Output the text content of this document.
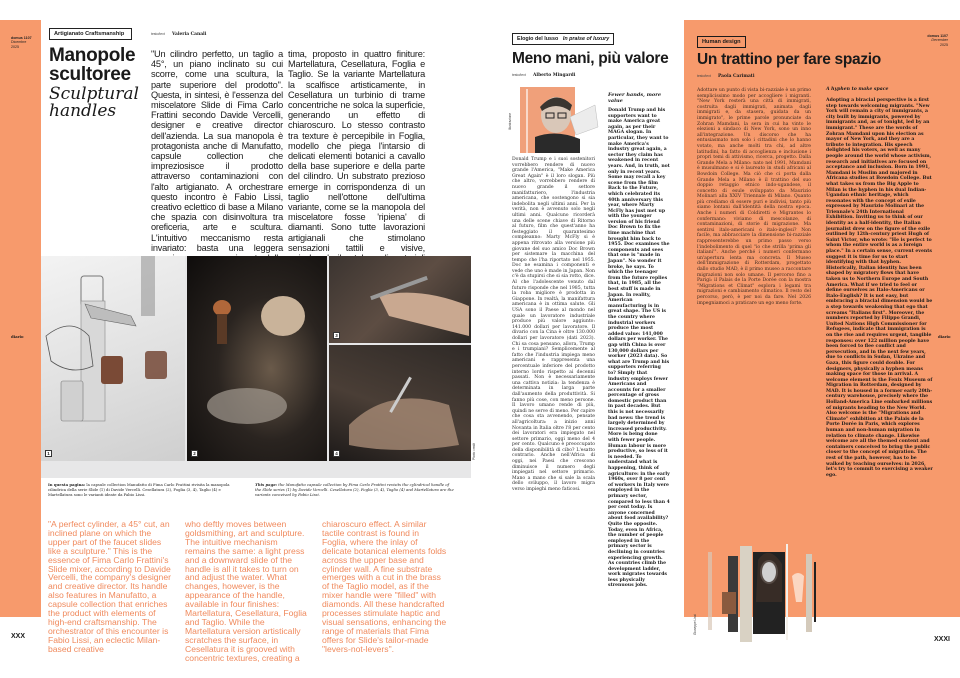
domus 1107
Dicembre
2025
diario
XXX
Artigianato Craftsmanship
Manopole scultoree
Sculptural handles
testo/text Valeria Canali
"Un cilindro perfetto, un taglio a 45°, un piano inclinato su cui scorre, come una scultura, la parte superiore del prodotto". Questa, in sintesi, è l'essenza del miscelatore Slide di Fima Carlo Frattini secondo Davide Vercelli, designer e creative director dell'azienda. La sua manopola è protagonista anche di Manufatto, capsule collection che impreziosisce il prodotto attraverso contaminazioni con l'alto artigianato. A orchestrare questo incontro è Fabio Lissi, creativo eclettico di base a Milano che spazia con disinvoltura tra oreficeria, arte e scultura. L'intuitivo meccanismo resta invariato: basta una leggera
tima, proposto in quattro finiture: Martellatura, Cesellatura, Foglia e Taglio. Se la variante Martellatura la scalfisce artisticamente, in Cesellatura un turbinio di trame concentriche ne solca la superficie, generando un effetto di chiaroscuro. Lo stesso contrasto tra texture è percepibile in Foglia, modello che piega l'intarsio di delicati elementi botanici a cavallo della base superiore e della parte del cilindro. Un substrato prezioso emerge in corrispondenza di un taglio nell'ottone dell'ultima variante, come se la manopola del miscelatore fosse 'ripiena' di diamanti. Sono tutte lavorazioni artigianali che stimolano sensazioni tattili e visive,
1	2
3
4	Photo credit
In questa pagina: la capsule collection Manufatto di Fima Carlo Frattini rivisita la manopola cilindrica della serie Slide (1) di Davide Vercelli. Cesellatura (2), Foglia (3, 4), Taglio (4) e Martellatura sono le varianti ideate da Fabio Lissi.
This page: the Manufatto capsule collection by Fima Carlo Frattini revisits the cylindrical handle of the Slide series (1) by Davide Vercelli. Cesellatura (2), Foglia (3, 4), Taglio (4) and Martellatura are the variants conceived by Fabio Lissi.
"A perfect cylinder, a 45° cut, an inclined plane on which the upper part of the faucet slides like a sculpture." This is the essence of Fima Carlo Frattini's Slide mixer, according to Davide Vercelli, the company's designer and creative director. Its handle also features in Manufatto, a capsule collection that enriches the product with elements of high-end craftsmanship. The orchestrator of this encounter is Fabio Lissi, an eclectic Milan-based creative
who deftly moves between goldsmithing, art and sculpture. The intuitive mechanism remains the same: a light press and a downward slide of the handle is all it takes to turn on and adjust the water. What changes, however, is the appearance of the handle, available in four finishes: Martellatura, Cesellatura, Foglia and Taglio. While the Martellatura version artistically scratches the surface, in Cesellatura it is grooved with concentric textures, creating a
chiaroscuro effect. A similar tactile contrast is found in Foglia, where the inlay of delicate botanical elements folds across the upper base and cylinder wall. A fine substrate emerges with a cut in the brass of the Taglio model, as if the mixer handle were "filled" with diamonds. All these handcrafted processes stimulate haptic and visual sensations, enhancing the range of materials that Fima offers for Slide's tailor-made "levers-not-levers".
Elogio del lusso In praise of luxury
Meno mani, più valore
testo/text Alberto Mingardi
Illustrazione
Donald Trump e i suoi sostenitori vorrebbero rendere di nuovo grande l'America, "Make America Great Again" è il loro slogan. Più che altro, vorrebbero rendere di nuovo grande il settore manifatturiero, l'industria americana, che sostengono si sia indebolita negli ultimi anni. Per la verità, non è avvenuto solo negli ultimi anni. Qualcuno ricorderà una delle scene chiave di Ritorno al futuro, film che quest'anno ha festeggiato il quarantesimo compleanno: Marty McFly si è appena ritrovato alla versione più giovane del suo amico Doc Brown per sistemare la macchina del tempo che l'ha riportato nel 1955. Doc ne esamina i componenti e vede che uno è made in Japan. Non c'è da stupirsi che si sia rotto, dice. Al che l'adolescente venuto dal futuro risponde che nel 1985, tutta la roba migliore è prodotta in Giappone. In realtà, la manifattura americana è in ottima salute. Gli USA sono il Paese al mondo nel quale un lavoratore industriale produce più valore aggiunto: 141.000 dollari per lavoratore. Il divario con la Cina è oltre 130.000 dollari per lavoratore (dati 2023). Chi sa cosa pensano, allora, Trump e i trumpiani? Semplicemente al fatto che l'industria impiega meno americani e rappresenta una percentuale inferiore del prodotto interno lordo rispetto ai decenni passati. Non è necessariamente una cattiva notizia: la tendenza è determinata in larga parte dall'aumento della produttività. Si fanno più cose, con meno persone. Il lavoro umano rende di più, quindi ne serve di meno. Per capire che cosa sta avvenendo, pensate all'agricoltura: a inizio anni Novanta in Italia oltre l'8 per cento dei lavoratori era impiegato nel settore primario, oggi meno del 4 per cento. Qualcuno è preoccupato della disponibilità di cibo? L'esatto contrario. Anche nell'Africa di oggi, nei Paesi che crescono diminuisce il numero degli impiegati nel settore primario. Mano a mano che si sale la scala dello sviluppo, il lavoro migra verso impieghi meno faticosi.
Fewer hands, more value
Donald Trump and his supporters want to make America great again, as per their MAGA slogan. In particular, they want to make America's industry great again, a sector they claim has weakened in recent years. And, in truth, not only in recent years. Some may recall a key scene from the film Back to the Future, which celebrated its 40th anniversary this year, where Marty McFly has just met up with the younger version of his friend Doc Brown to fix the time machine that brought him back to 1955. Doc examines the components and sees that one is "made in Japan". No wonder it broke, he says. To which the teenager from the future replies that, in 1985, all the best stuff is made in Japan. In reality, American manufacturing is in great shape. The US is the country where industrial workers produce the most added value: 141,000 dollars per worker. The gap with China is over 130,000 dollars per worker (2023 data). So what are Trump and his supporters referring to? Simply that industry employs fewer Americans and accounts for a smaller percentage of gross domestic product than in past decades. But this is not necessarily bad news: the trend is largely determined by increased productivity. More is being done with fewer people. Human labour is more productive, so less of it is needed. To understand what is happening, think of agriculture: in the early 1960s, over 8 per cent of workers in Italy were employed in the primary sector, compared to less than 4 per cent today. Is anyone concerned about food availability? Quite the opposite. Today, even in Africa, the number of people employed in the primary sector is declining in countries experiencing growth. As countries climb the development ladder, work migrates towards less physically strenuous jobs.
Human design
domus 1107
December
2025
Un trattino per fare spazio
testo/text Paola Carimati
Adottare un punto di vista bi-razziale è un primo semplicissimo modo per accogliere i migranti. "New York resterà una città di immigrati, costruita dagli immigrati, animata dagli immigrati e, da stasera, guidata da un immigrato", le prime parole pronunciate da Zohran Mamdani, la sera in cui ha vinto le elezioni a sindaco di New York, sono un inno all'integrazione. Un discorso che ha entusiasmato non solo i cittadini che lo hanno votato, ma anche molti tra chi, ad altre latitudini, ha fatto di accoglienza e inclusione i propri temi di attivismo, ricerca, progetto. Dalla Grande Mela a Milano: nato nel 1991, Mamdani è musulmano e si è laureato in studi africani al Bowdoin College. Ma ciò che ci porta dalla Grande Mela a Milano è il trattino del suo doppio retaggio etnico indo-ugandese, il concetto di esule sviluppato da Maurizio Molinari alla XXIV Triennale di Milano. Quanto più crediamo di essere puri e indivisi, tanto più siamo lontani dall'identità della nostra epoca. Anche i numeri di Coldiretti e Migrantes lo confermano: viviamo di mescolanze, di contaminazioni, di storie di migrazione. Ma sentirsi italo-americani o italo-inglesi? Non facile, ma abbracciare la dimensione bi-razziale rappresenterebbe un primo passo verso l'indebolimento di quel "io che strilla 'prima gli italiani'". Anche perché i numeri confermano un'apertura lenta ma concreta. Il Museo dell'Immigrazione di Rotterdam, progettato dallo studio MAD, è il primo museo a raccontare migrazioni non solo umane. Il percorso fino a Parigi: il Palais de la Porte Dorée con la mostra "Migrations et Climat" esplora i legami tra migrazioni e cambiamento climatico. Il resto del percorso, però, è per noi da fare. Nel 2026 impegniamoci a praticare un ego meno forte.
A hyphen to make space
Adopting a biracial perspective is a first step towards welcoming migrants. "New York will remain a city of immigrants, a city built by immigrants, powered by immigrants and, as of tonight, led by an immigrant." These are the words of Zohran Mamdani upon his election as mayor of New York, and they are a tribute to integration. His speech delighted his voters, as well as many people around the world whose activism, research and initiatives are focused on acceptance and inclusion. Born in 1991, Mamdani is Muslim and majored in Africana studies at Bowdoin College. But what takes us from the Big Apple to Milan is the hyphen in his dual Indian-Ugandan ethnic heritage, which resonates with the concept of exile expressed by Maurizio Molinari at the Triennale's 24th International Exhibition. Inviting us to think of our identity as a half-identity, the Italian journalist drew on the figure of the exile outlined by 12th-century priest Hugh of Saint Victor, who wrote: "He is perfect to whom the entire world is as a foreign place." In a certain sense, current events suggest it is time for us to start identifying with that hyphen. Historically, Italian identity has been shaped by migratory flows that have taken us to Northern Europe and South America. What if we tried to feel or define ourselves as Italo-Americans or Italo-English? It is not easy, but embracing a biracial dimension would be a step towards weakening that ego that screams "Italians first". Moreover, the numbers reported by Filippo Grandi, United Nations High Commissioner for Refugees, indicate that immigration is on the rise and requires urgent, tangible responses: over 122 million people have been forced to flee conflict and persecution, and in the next few years, due to conflicts in Sudan, Ukraine and Gaza, this figure could double. For designers, physically a hyphen means making space for those in arrival. A welcome element is the Fenix Museum of Migration in Rotterdam, designed by MAD. It is housed in a former early 20th-century warehouse, precisely where the Holland-America Line embarked millions of migrants heading to the New World. Also welcome is the "Migrations and Climate" exhibition at the Palais de la Porte Dorée in Paris, which explores human and non-human migration in relation to climate change. Likewise welcome are all the themed content and containers conceived to bring the public closer to the concept of migration. The rest of the path, however, has to be walked by teaching ourselves: in 2026, let's try to commit to exercising a weaker ego.
diario
XXXI
Giuseppe Lissi
